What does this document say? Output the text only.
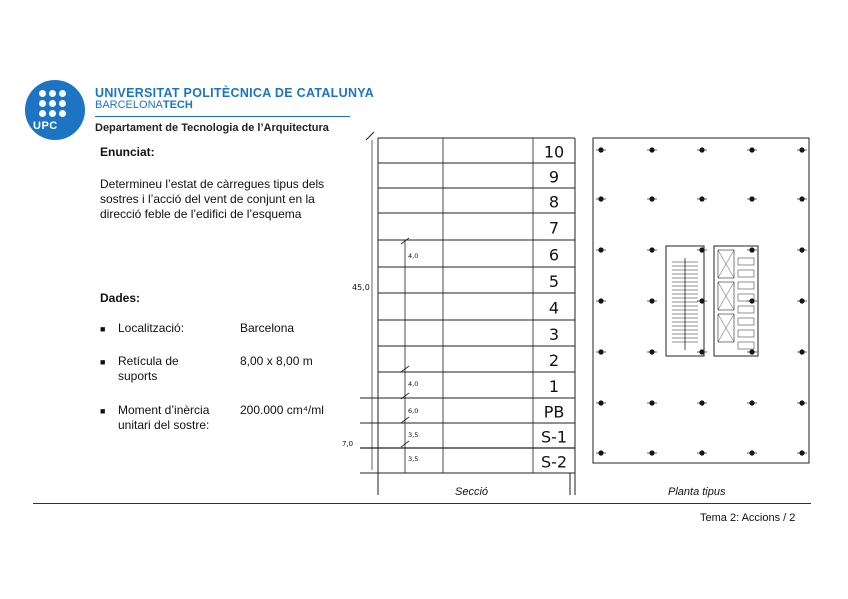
UPC
UNIVERSITAT POLITÈCNICA DE CATALUNYA
BARCELONATECH
Departament de Tecnologia de l’Arquitectura
Enunciat:
Determineu l’estat de càrregues tipus dels sostres i l’acció del vent de conjunt en la direcció feble de l’edifici de l’esquema
Dades:
■ Localització:	Barcelona
■ Retícula de suports
8,00 x 8,00 m
■ Moment d’inèrcia unitari del sostre:
200.000 cm⁴/ml
10
9
8
7
6
5
4
3
2
1
PB
S-1
S-2
45,0
4,0
4,0
6,0
3,5
3,5
7,0
Secció	Planta tipus
Tema 2: Accions / 2
